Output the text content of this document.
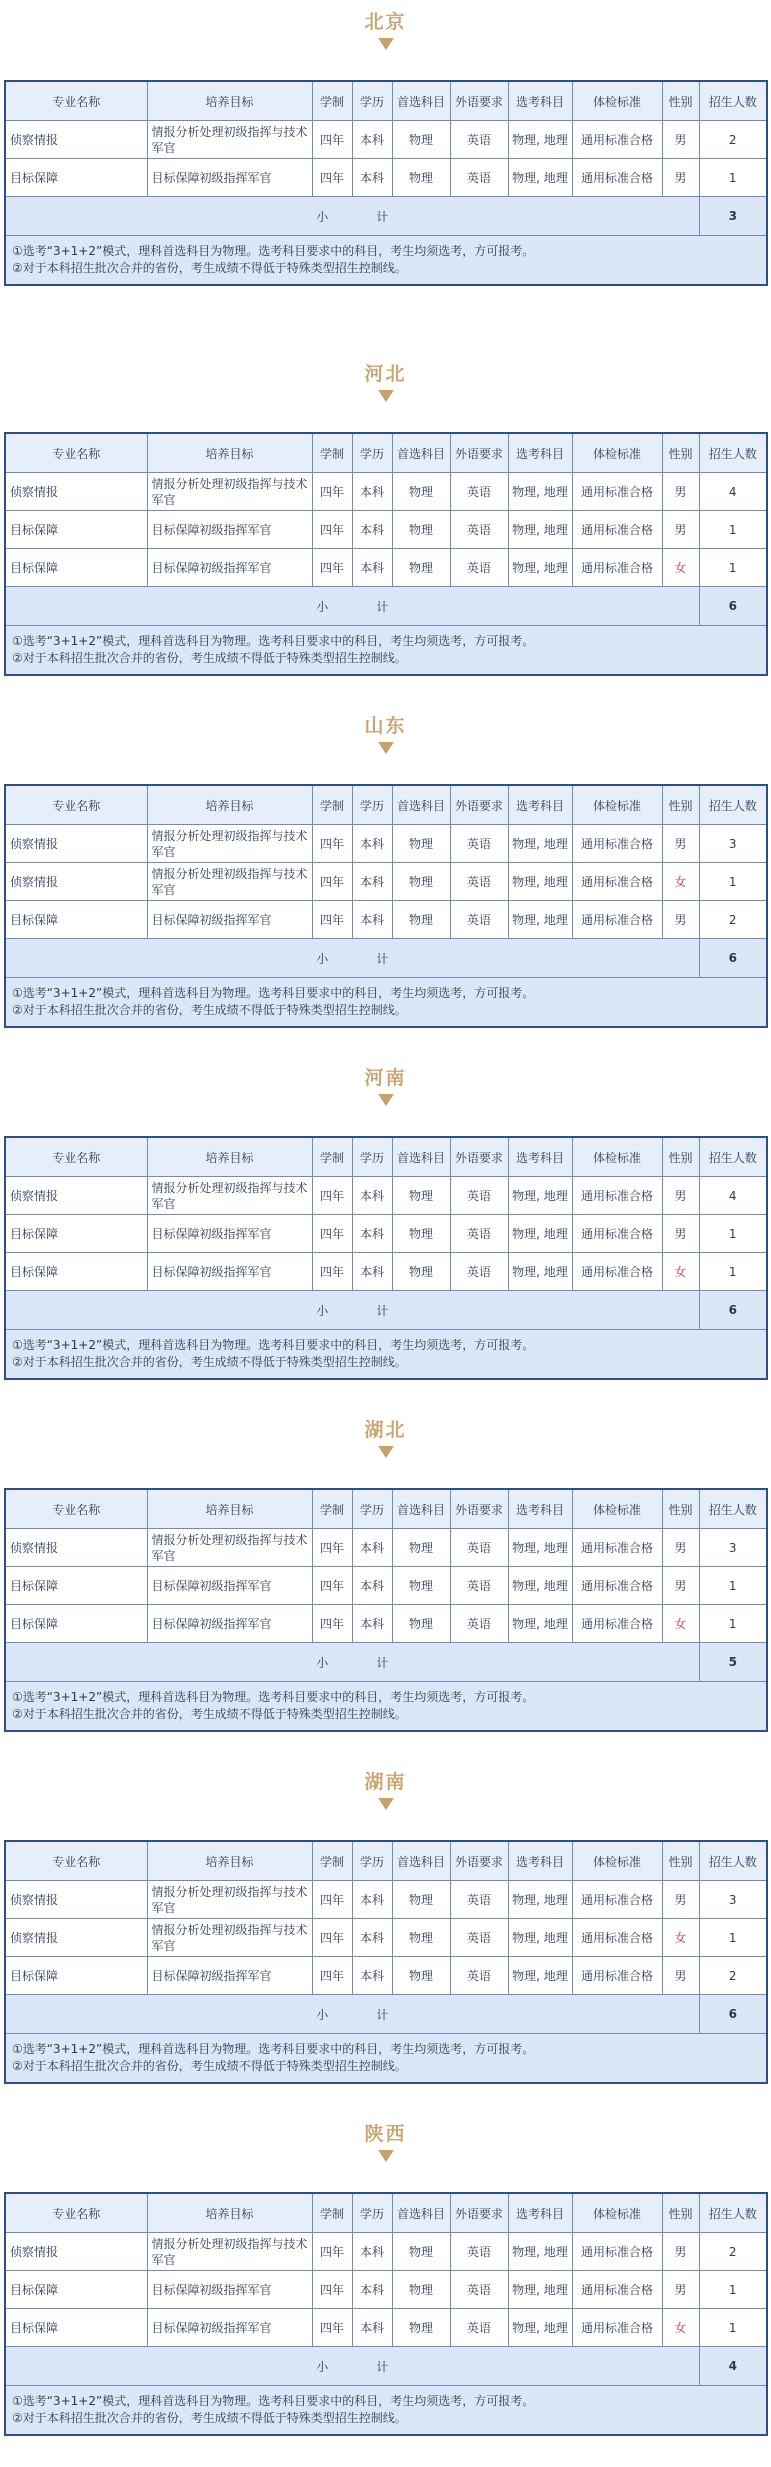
北京
专业名称	培养目标	学制	学历	首选科目	外语要求	选考科目	体检标准	性别	招生人数
侦察情报	情报分析处理初级指挥与技术军官	四年	本科	物理	英语	物理, 地理	通用标准合格	男	2
目标保障	目标保障初级指挥军官	四年	本科	物理	英语	物理, 地理	通用标准合格	男	1
小 计									3

①选考“3+1+2”模式，理科首选科目为物理。选考科目要求中的科目，考生均须选考，方可报考。
②对于本科招生批次合并的省份，考生成绩不得低于特殊类型招生控制线。									
河北
专业名称	培养目标	学制	学历	首选科目	外语要求	选考科目	体检标准	性别	招生人数
侦察情报	情报分析处理初级指挥与技术军官	四年	本科	物理	英语	物理, 地理	通用标准合格	男	4
目标保障	目标保障初级指挥军官	四年	本科	物理	英语	物理, 地理	通用标准合格	男	1
目标保障	目标保障初级指挥军官	四年	本科	物理	英语	物理, 地理	通用标准合格	女	1
小 计									6

①选考“3+1+2”模式，理科首选科目为物理。选考科目要求中的科目，考生均须选考，方可报考。
②对于本科招生批次合并的省份，考生成绩不得低于特殊类型招生控制线。									
山东
专业名称	培养目标	学制	学历	首选科目	外语要求	选考科目	体检标准	性别	招生人数
侦察情报	情报分析处理初级指挥与技术军官	四年	本科	物理	英语	物理, 地理	通用标准合格	男	3
侦察情报	情报分析处理初级指挥与技术军官	四年	本科	物理	英语	物理, 地理	通用标准合格	女	1
目标保障	目标保障初级指挥军官	四年	本科	物理	英语	物理, 地理	通用标准合格	男	2
小 计									6

①选考“3+1+2”模式，理科首选科目为物理。选考科目要求中的科目，考生均须选考，方可报考。
②对于本科招生批次合并的省份，考生成绩不得低于特殊类型招生控制线。									
河南
专业名称	培养目标	学制	学历	首选科目	外语要求	选考科目	体检标准	性别	招生人数
侦察情报	情报分析处理初级指挥与技术军官	四年	本科	物理	英语	物理, 地理	通用标准合格	男	4
目标保障	目标保障初级指挥军官	四年	本科	物理	英语	物理, 地理	通用标准合格	男	1
目标保障	目标保障初级指挥军官	四年	本科	物理	英语	物理, 地理	通用标准合格	女	1
小 计									6

①选考“3+1+2”模式，理科首选科目为物理。选考科目要求中的科目，考生均须选考，方可报考。
②对于本科招生批次合并的省份，考生成绩不得低于特殊类型招生控制线。									
湖北
专业名称	培养目标	学制	学历	首选科目	外语要求	选考科目	体检标准	性别	招生人数
侦察情报	情报分析处理初级指挥与技术军官	四年	本科	物理	英语	物理, 地理	通用标准合格	男	3
目标保障	目标保障初级指挥军官	四年	本科	物理	英语	物理, 地理	通用标准合格	男	1
目标保障	目标保障初级指挥军官	四年	本科	物理	英语	物理, 地理	通用标准合格	女	1
小 计									5

①选考“3+1+2”模式，理科首选科目为物理。选考科目要求中的科目，考生均须选考，方可报考。
②对于本科招生批次合并的省份，考生成绩不得低于特殊类型招生控制线。									
湖南
专业名称	培养目标	学制	学历	首选科目	外语要求	选考科目	体检标准	性别	招生人数
侦察情报	情报分析处理初级指挥与技术军官	四年	本科	物理	英语	物理, 地理	通用标准合格	男	3
侦察情报	情报分析处理初级指挥与技术军官	四年	本科	物理	英语	物理, 地理	通用标准合格	女	1
目标保障	目标保障初级指挥军官	四年	本科	物理	英语	物理, 地理	通用标准合格	男	2
小 计									6

①选考“3+1+2”模式，理科首选科目为物理。选考科目要求中的科目，考生均须选考，方可报考。
②对于本科招生批次合并的省份，考生成绩不得低于特殊类型招生控制线。									
陕西
专业名称	培养目标	学制	学历	首选科目	外语要求	选考科目	体检标准	性别	招生人数
侦察情报	情报分析处理初级指挥与技术军官	四年	本科	物理	英语	物理, 地理	通用标准合格	男	2
目标保障	目标保障初级指挥军官	四年	本科	物理	英语	物理, 地理	通用标准合格	男	1
目标保障	目标保障初级指挥军官	四年	本科	物理	英语	物理, 地理	通用标准合格	女	1
小 计									4

①选考“3+1+2”模式，理科首选科目为物理。选考科目要求中的科目，考生均须选考，方可报考。
②对于本科招生批次合并的省份，考生成绩不得低于特殊类型招生控制线。									
